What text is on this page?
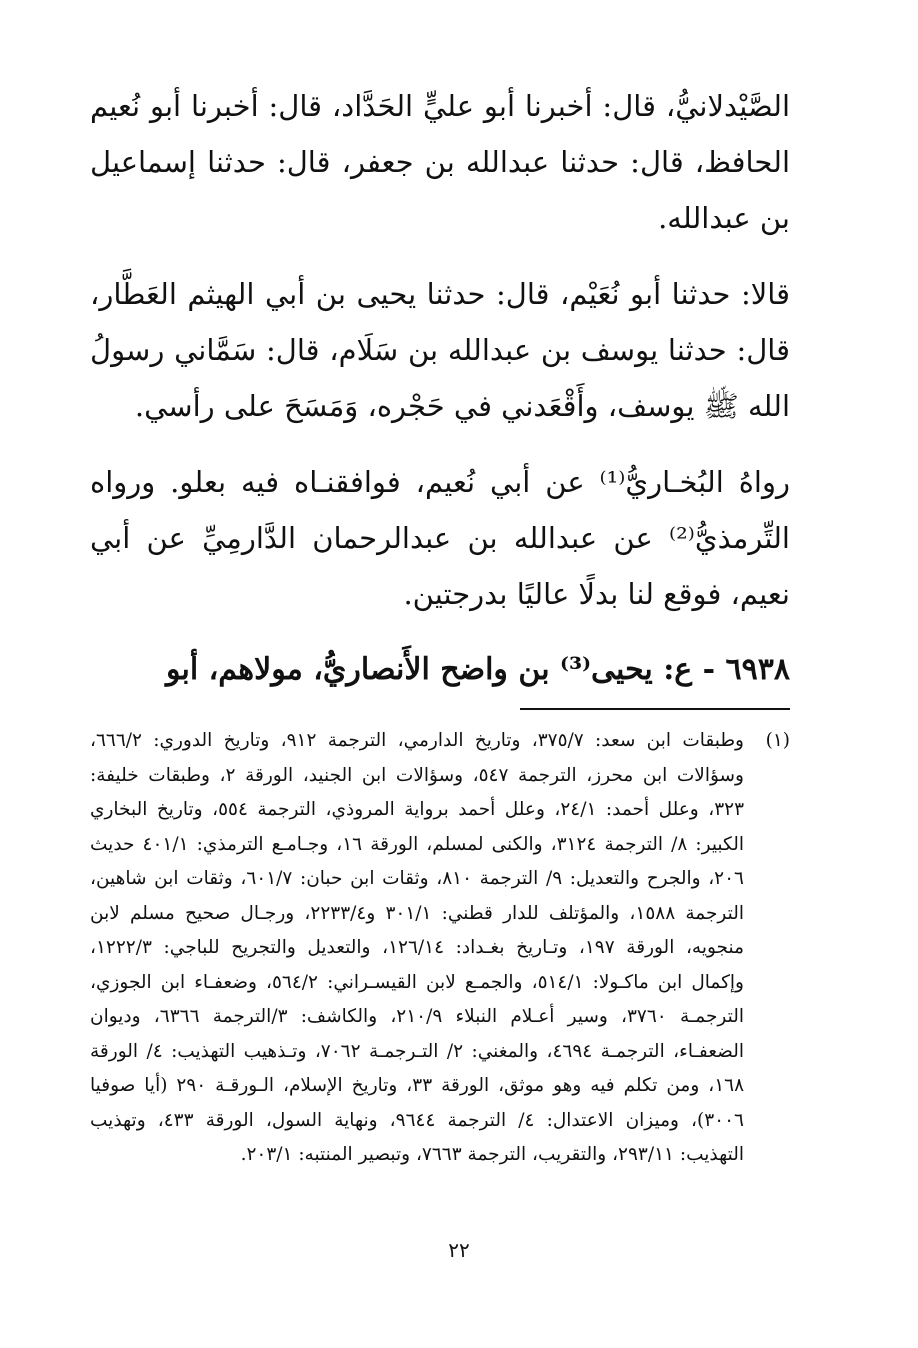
الصَّيْدلانيُّ، قال: أخبرنا أبو عليٍّ الحَدَّاد، قال: أخبرنا أبو نُعيم الحافظ، قال: حدثنا عبدالله بن جعفر، قال: حدثنا إسماعيل بن عبدالله.

قالا: حدثنا أبو نُعَيْم، قال: حدثنا يحيى بن أبي الهيثم العَطَّار، قال: حدثنا يوسف بن عبدالله بن سَلَام، قال: سَمَّاني رسولُ الله ﷺ يوسف، وأَقْعَدني في حَجْره، وَمَسَحَ على رأسي.

رواهُ البُخـاريُّ⁽¹⁾ عن أبي نُعيم، فوافقنـاه فيه بعلو. ورواه التِّرمذيُّ⁽²⁾ عن عبدالله بن عبدالرحمان الدَّارمِيِّ عن أبي نعيم، فوقع لنا بدلًا عاليًا بدرجتين.

٦٩٣٨ - ع: يحيى⁽³⁾ بن واضح الأَنصاريُّ، مولاهم، أبو
(١)
وطبقات ابن سعد: ٣٧٥/٧، وتاريخ الدارمي، الترجمة ٩١٢، وتاريخ الدوري: ٦٦٦/٢، وسؤالات ابن محرز، الترجمة ٥٤٧، وسؤالات ابن الجنيد، الورقة ٢، وطبقات خليفة: ٣٢٣، وعلل أحمد: ٢٤/١، وعلل أحمد برواية المروذي، الترجمة ٥٥٤، وتاريخ البخاري الكبير: ٨/ الترجمة ٣١٢٤، والكنى لمسلم، الورقة ١٦، وجـامـع الترمذي: ٤٠١/١ حديث ٢٠٦، والجرح والتعديل: ٩/ الترجمة ٨١٠، وثقات ابن حبان: ٦٠١/٧، وثقات ابن شاهين، الترجمة ١٥٨٨، والمؤتلف للدار قطني: ٣٠١/١ و٢٢٣٣/٤، ورجـال صحيح مسلم لابن منجويه، الورقة ١٩٧، وتـاريخ بغـداد: ١٢٦/١٤، والتعديل والتجريح للباجي: ١٢٢٢/٣، وإكمال ابن ماكـولا: ٥١٤/١، والجمـع لابن القيسـراني: ٥٦٤/٢، وضعفـاء ابن الجوزي، الترجمـة ٣٧٦٠، وسير أعـلام النبلاء ٢١٠/٩، والكاشف: ٣/الترجمة ٦٣٦٦، وديوان الضعفـاء، الترجمـة ٤٦٩٤، والمغني: ٢/ التـرجمـة ٧٠٦٢، وتـذهيب التهذيب: ٤/ الورقة ١٦٨، ومن تكلم فيه وهو موثق، الورقة ٣٣، وتاريخ الإسلام، الـورقـة ٢٩٠ (أيا صوفيا ٣٠٠٦)، وميزان الاعتدال: ٤/ الترجمة ٩٦٤٤، ونهاية السول، الورقة ٤٣٣، وتهذيب التهذيب: ٢٩٣/١١، والتقريب، الترجمة ٧٦٦٣، وتبصير المنتبه: ٢٠٣/١.
٢٢
